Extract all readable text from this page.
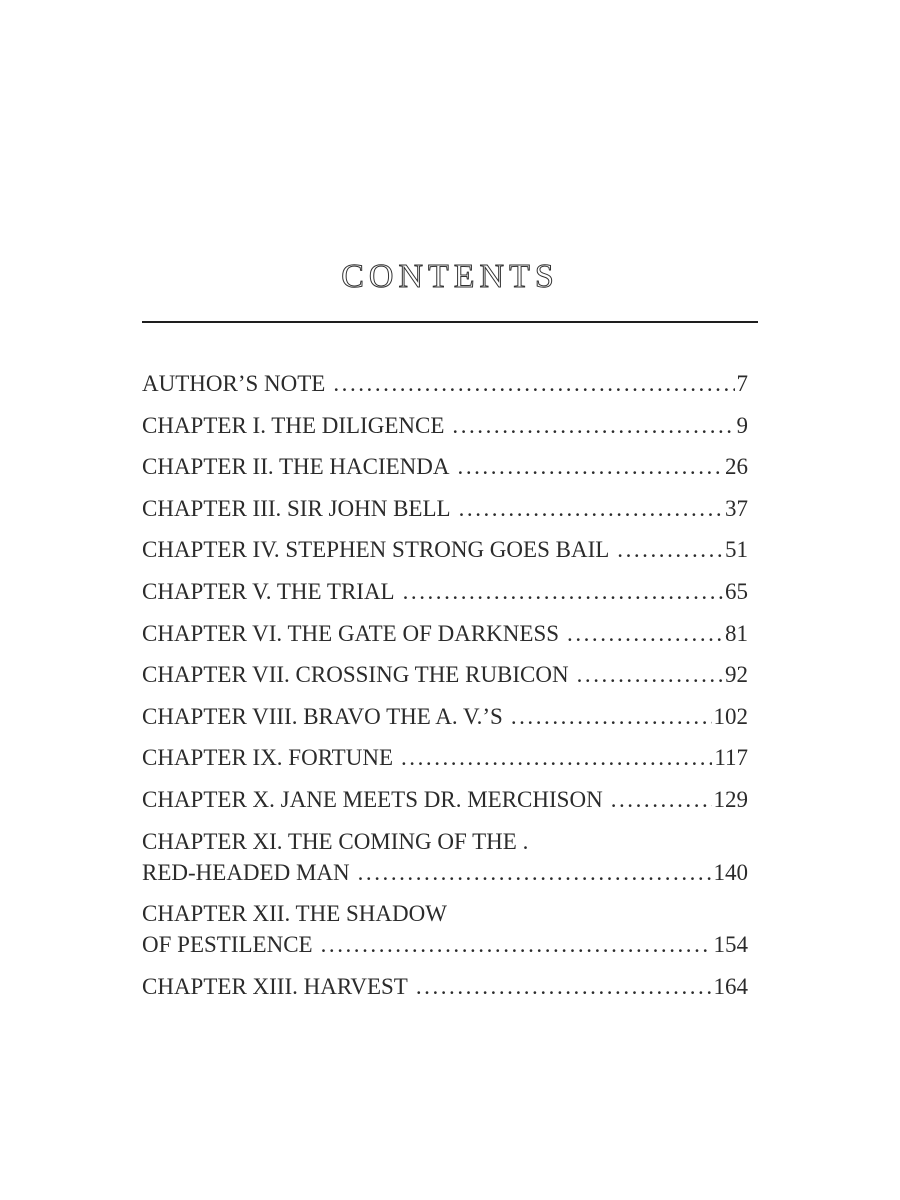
CONTENTS
AUTHOR’S NOTE . . .	7
CHAPTER I. THE DILIGENCE . . .	9
CHAPTER II. THE HACIENDA . . .	26
CHAPTER III. SIR JOHN BELL . . .	37
CHAPTER IV. STEPHEN STRONG GOES BAIL . . .	51
CHAPTER V. THE TRIAL . . .	65
CHAPTER VI. THE GATE OF DARKNESS . . .	81
CHAPTER VII. CROSSING THE RUBICON . . .	92
CHAPTER VIII. BRAVO THE A. V.’S . . .	102
CHAPTER IX. FORTUNE . . .	117
CHAPTER X. JANE MEETS DR. MERCHISON . . .	129
CHAPTER XI. THE COMING OF THE .
RED-HEADED MAN . . .	140
CHAPTER XII. THE SHADOW
OF PESTILENCE . . .	154
CHAPTER XIII. HARVEST . . .	164
